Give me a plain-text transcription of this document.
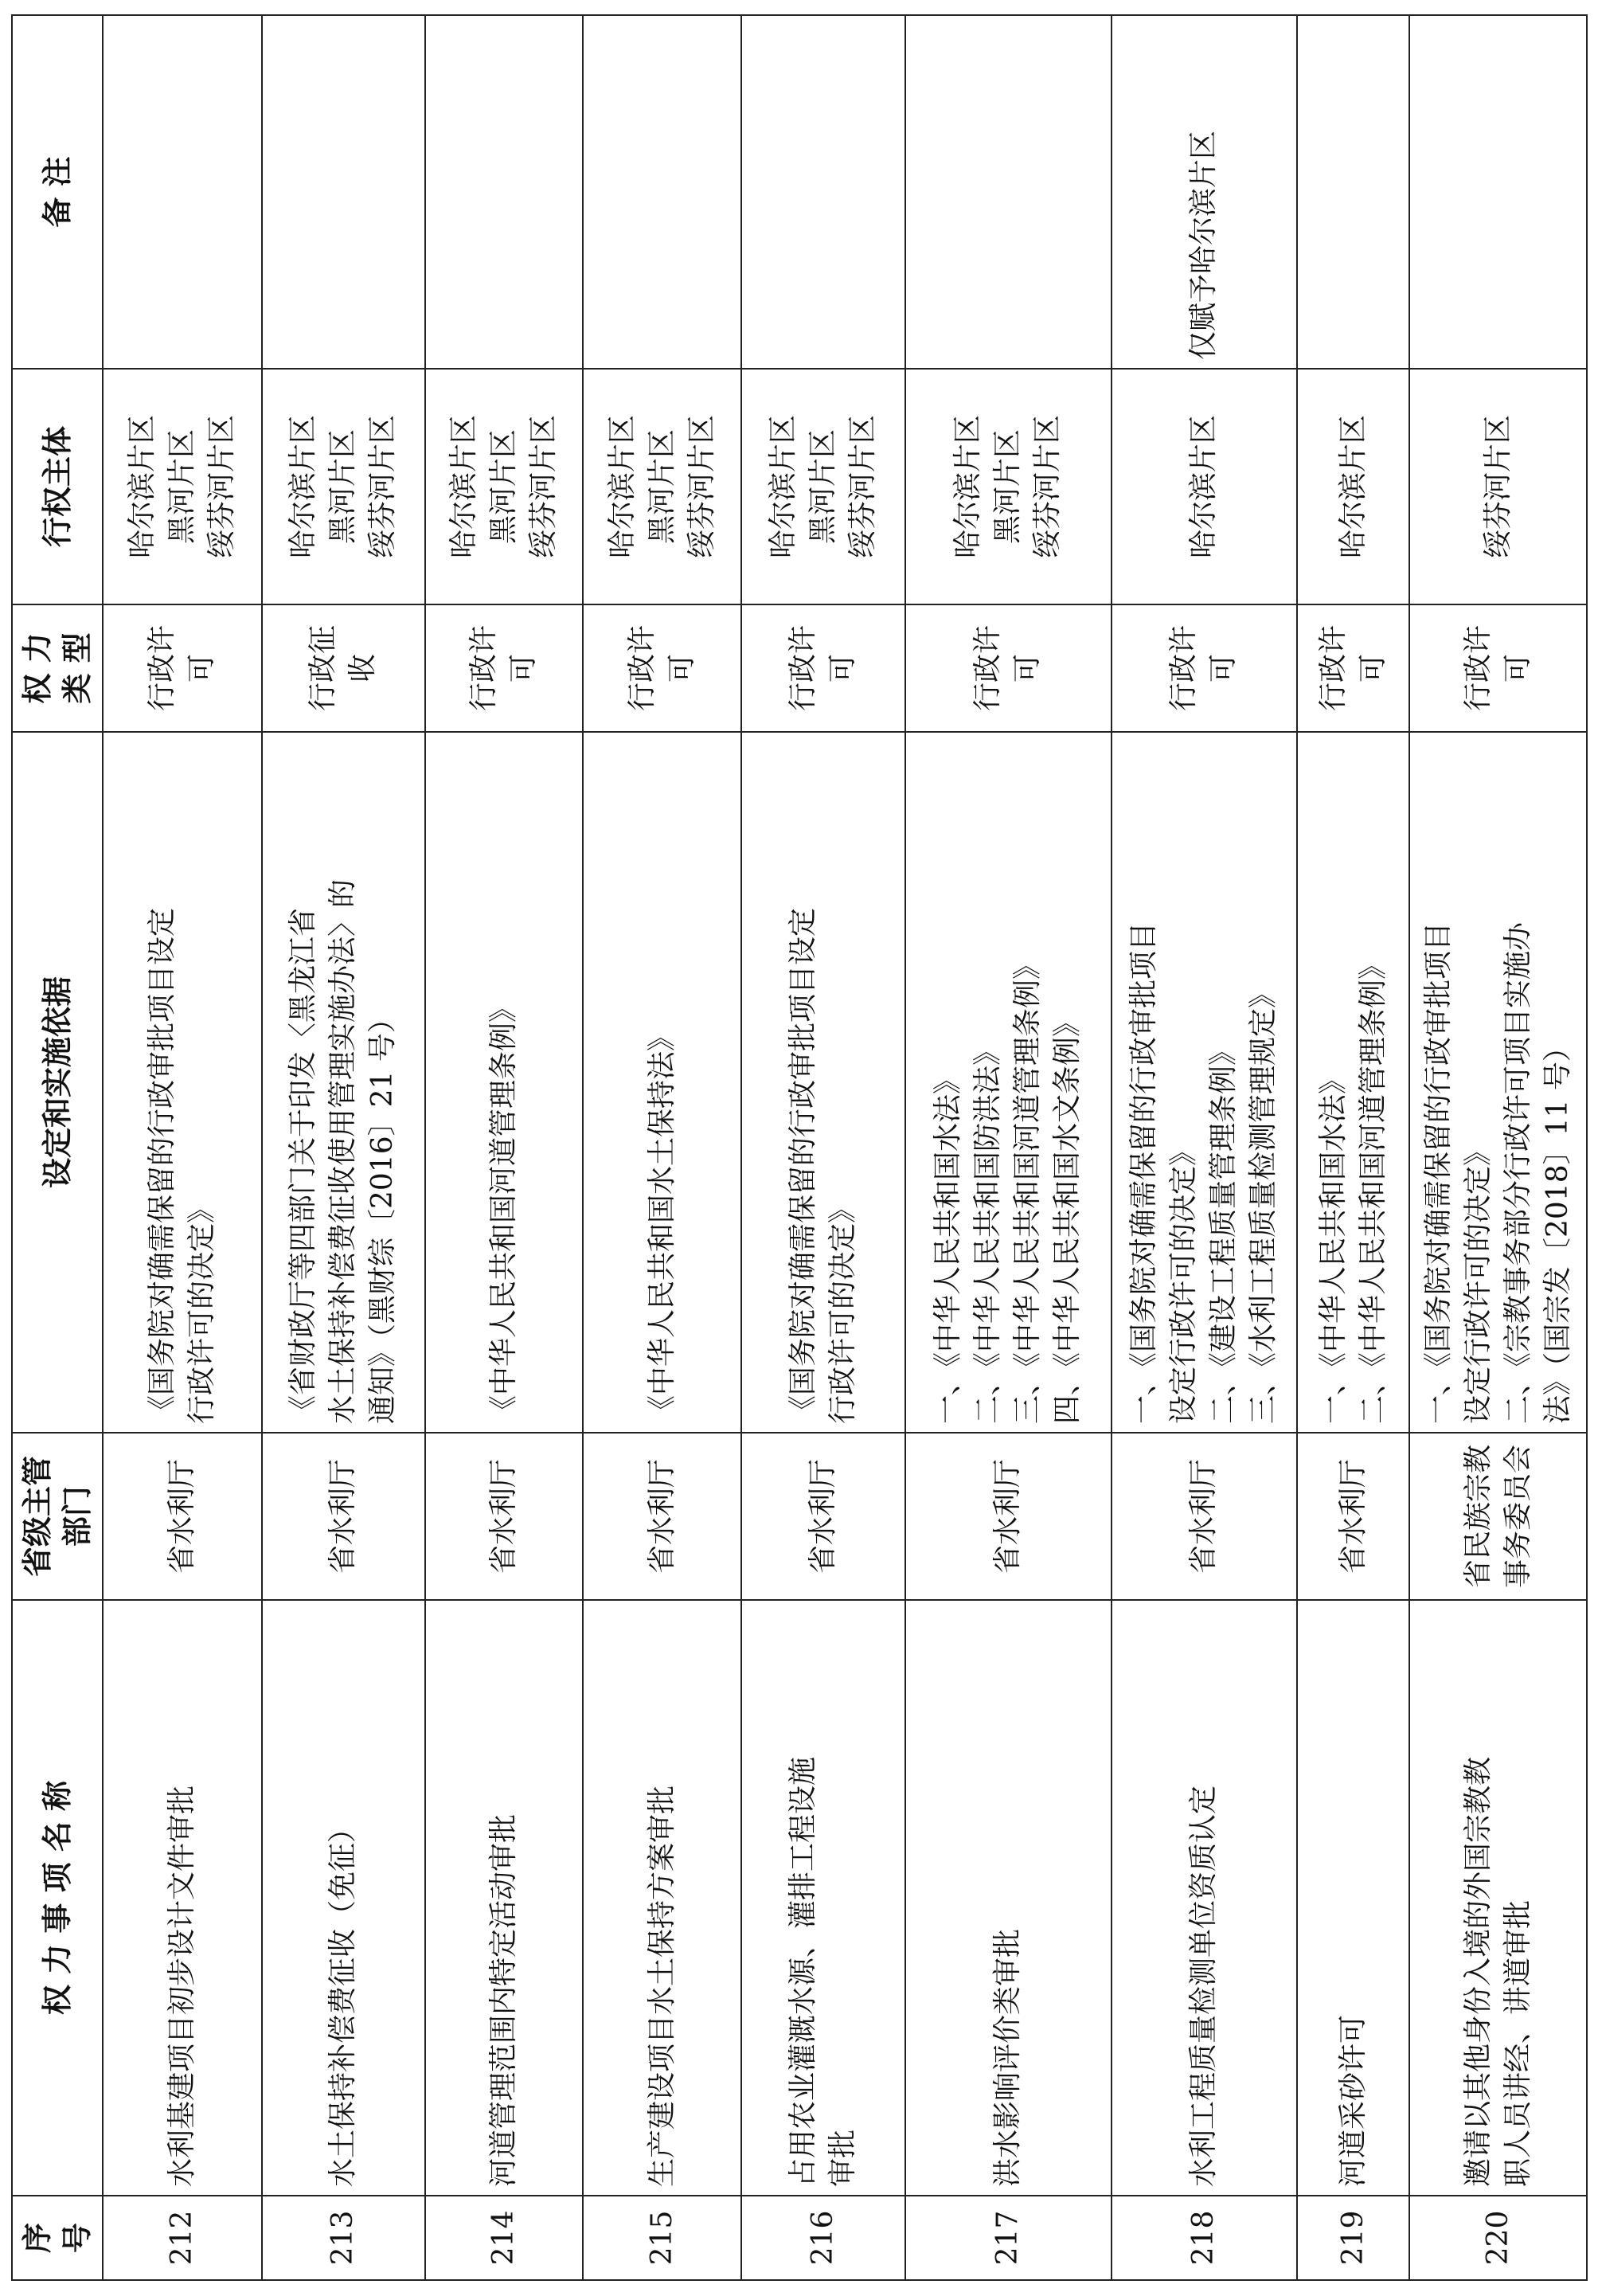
序 号	权 力 事 项 名 称	省级主管部门	设定和实施依据	权 力 类 型	行权主体	备 注
212	水利基建项目初步设计文件审批	省水利厅	《国务院对确需保留的行政审批项目设定 行政许可的决定》	行政许可	哈尔滨片区 黑河片区 绥芬河片区	

213	水土保持补偿费征收（免征）	省水利厅	《省财政厅等四部门关于印发〈黑龙江省 水土保持补偿费征收使用管理实施办法〉的 通知》（黑财综〔2016〕21 号）	行政征收	哈尔滨片区 黑河片区 绥芬河片区	

214	河道管理范围内特定活动审批	省水利厅	《中华人民共和国河道管理条例》	行政许可	哈尔滨片区 黑河片区 绥芬河片区	

215	生产建设项目水土保持方案审批	省水利厅	《中华人民共和国水土保持法》	行政许可	哈尔滨片区 黑河片区 绥芬河片区	

216	占用农业灌溉水源、灌排工程设施 审批	省水利厅	《国务院对确需保留的行政审批项目设定 行政许可的决定》	行政许可	哈尔滨片区 黑河片区 绥芬河片区	

217	洪水影响评价类审批	省水利厅	一、《中华人民共和国水法》 二、《中华人民共和国防洪法》 三、《中华人民共和国河道管理条例》 四、《中华人民共和国水文条例》	行政许可	哈尔滨片区 黑河片区 绥芬河片区	

218	水利工程质量检测单位资质认定	省水利厅	一、《国务院对确需保留的行政审批项目 设定行政许可的决定》 二、《建设工程质量管理条例》 三、《水利工程质量检测管理规定》	行政许可	哈尔滨片区	仅赋予哈尔滨片区
219	河道采砂许可	省水利厅	一、《中华人民共和国水法》 二、《中华人民共和国河道管理条例》	行政许可	哈尔滨片区	

220	邀请以其他身份入境的外国宗教教 职人员讲经、讲道审批	省民族宗教 事务委员会	一、《国务院对确需保留的行政审批项目 设定行政许可的决定》 二、《宗教事务部分行政许可项目实施办 法》（国宗发〔2018〕11 号）	行政许可	绥芬河片区	
